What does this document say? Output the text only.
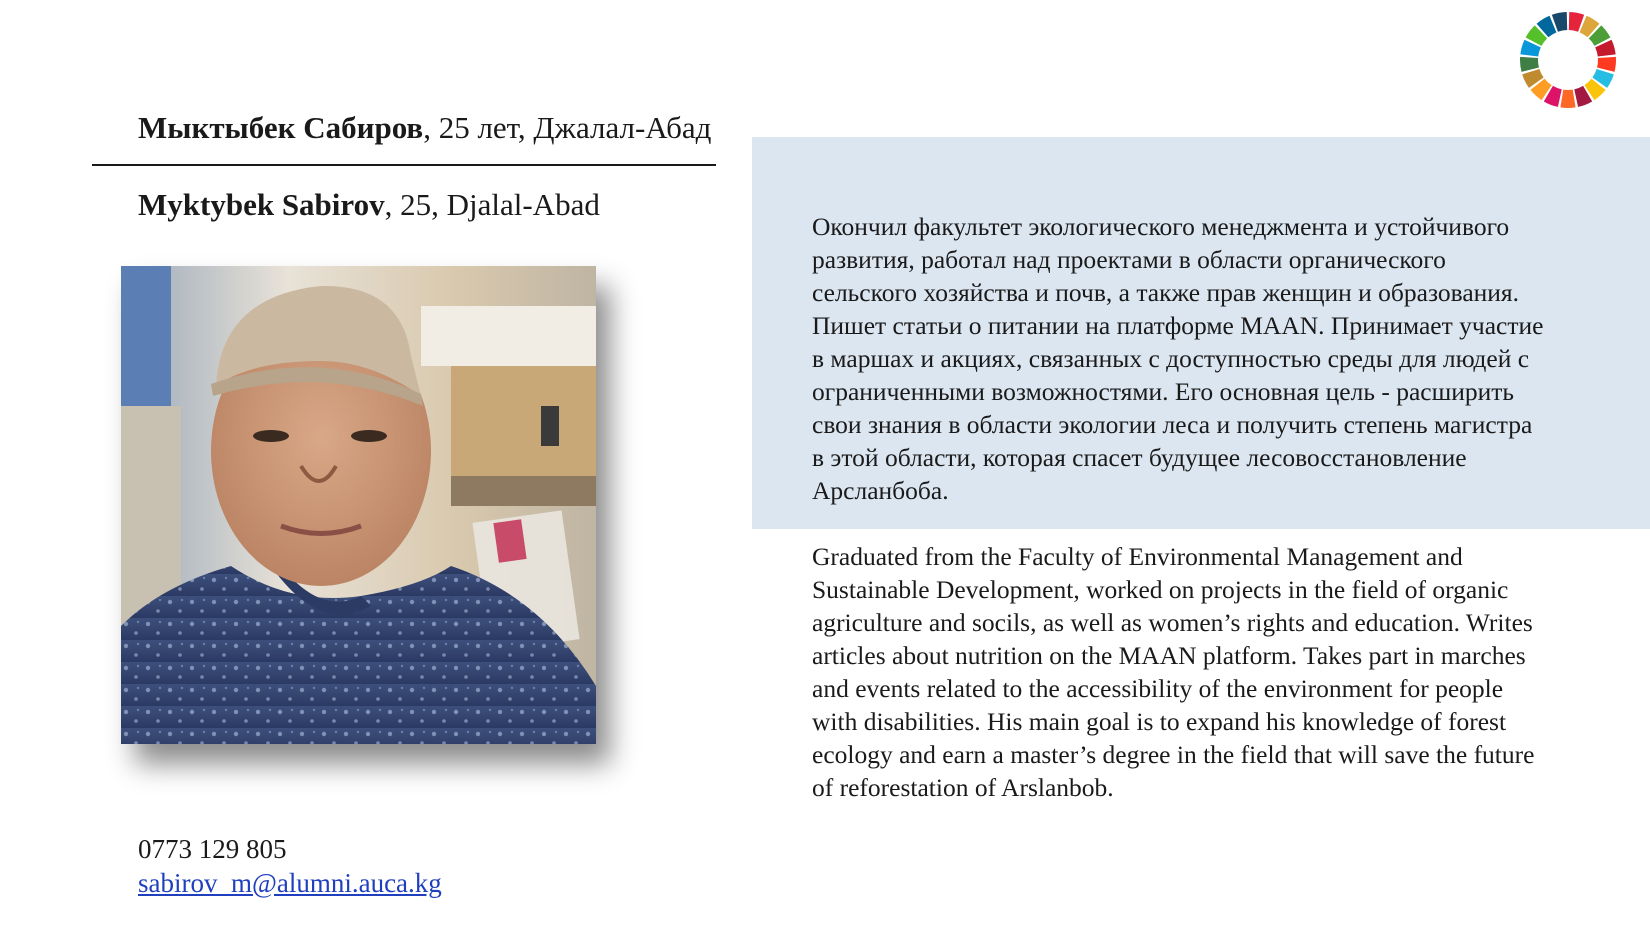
Мыктыбек Сабиров, 25 лет, Джалал-Абад
Myktybek Sabirov, 25, Djalal-Abad
0773 129 805
sabirov_m@alumni.auca.kg
Окончил факультет экологического менеджмента и устойчивого
развития, работал над проектами в области органического
сельского хозяйства и почв, а также прав женщин и образования.
Пишет статьи о питании на платформе MAAN. Принимает участие
в маршах и акциях, связанных с доступностью среды для людей с
ограниченными возможностями. Его основная цель - расширить
свои знания в области экологии леса и получить степень магистра
в этой области, которая спасет будущее лесовосстановление
Арсланбоба.
Graduated from the Faculty of Environmental Management and
Sustainable Development, worked on projects in the field of organic
agriculture and socils, as well as women’s rights and education. Writes
articles about nutrition on the MAAN platform. Takes part in marches
and events related to the accessibility of the environment for people
with disabilities. His main goal is to expand his knowledge of forest
ecology and earn a master’s degree in the field that will save the future
of reforestation of Arslanbob.
